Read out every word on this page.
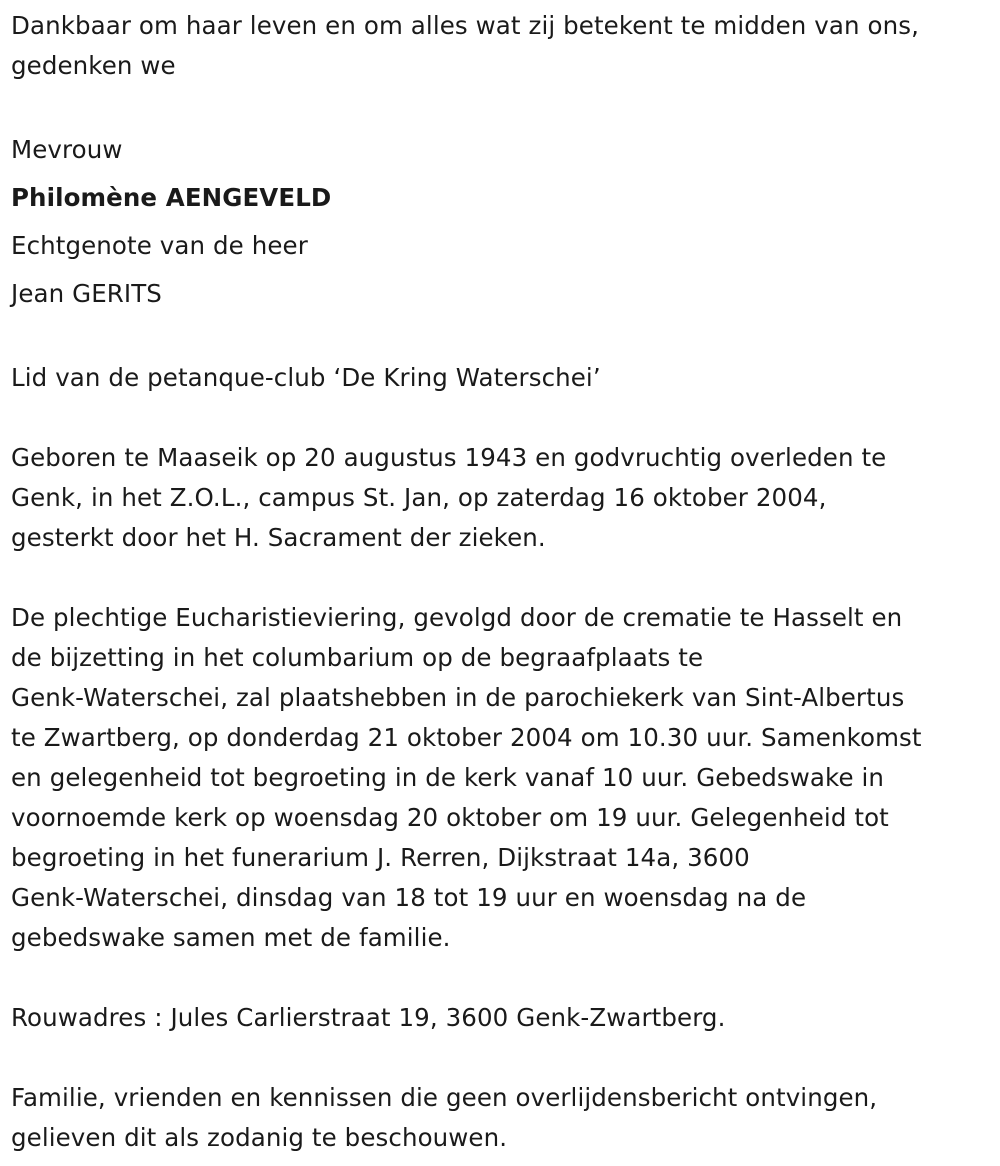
Dankbaar om haar leven en om alles wat zij betekent te midden van ons,
gedenken we
Mevrouw
Philomène AENGEVELD
Echtgenote van de heer
Jean GERITS
Lid van de petanque-club ‘De Kring Waterschei’
Geboren te Maaseik op 20 augustus 1943 en godvruchtig overleden te
Genk, in het Z.O.L., campus St. Jan, op zaterdag 16 oktober 2004,
gesterkt door het H. Sacrament der zieken.
De plechtige Eucharistieviering, gevolgd door de crematie te Hasselt en
de bijzetting in het columbarium op de begraafplaats te
Genk-Waterschei, zal plaatshebben in de parochiekerk van Sint-Albertus
te Zwartberg, op donderdag 21 oktober 2004 om 10.30 uur. Samenkomst
en gelegenheid tot begroeting in de kerk vanaf 10 uur. Gebedswake in
voornoemde kerk op woensdag 20 oktober om 19 uur. Gelegenheid tot
begroeting in het funerarium J. Rerren, Dijkstraat 14a, 3600
Genk-Waterschei, dinsdag van 18 tot 19 uur en woensdag na de
gebedswake samen met de familie.
Rouwadres : Jules Carlierstraat 19, 3600 Genk-Zwartberg.
Familie, vrienden en kennissen die geen overlijdensbericht ontvingen,
gelieven dit als zodanig te beschouwen.
